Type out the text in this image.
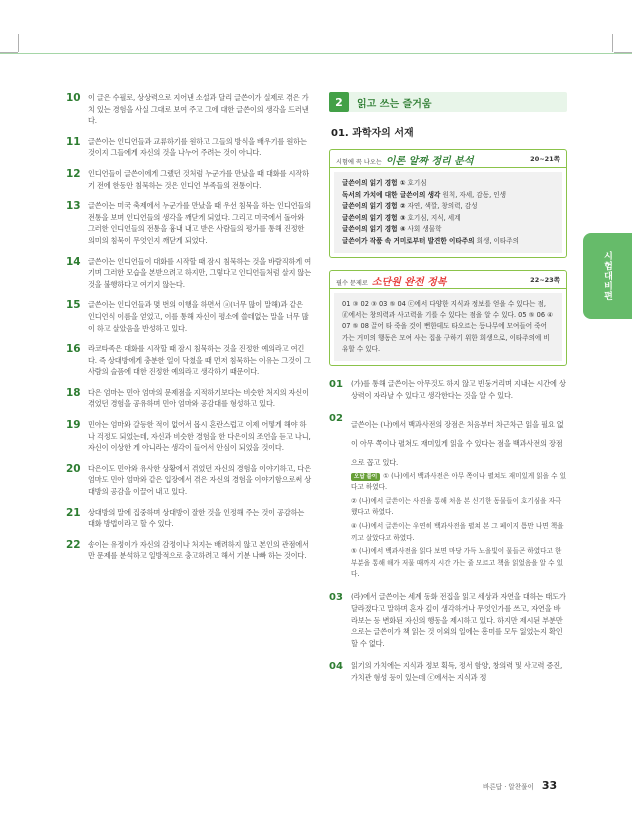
10	이 글은 수필로, 상상력으로 지어낸 소설과 달리 글쓴이가 실제로 겪은 가치 있는 경험을 사실 그대로 보여 주고 그에 대한 글쓴이의 생각을 드러낸다.
11	글쓴이는 인디언들과 교류하기를 원하고 그들의 방식을 배우기를 원하는 것이지 그들에게 자신의 것을 나누어 주려는 것이 아니다.
12	인디언들이 글쓴이에게 그랬던 것처럼 누군가를 만났을 때 대화를 시작하기 전에 한동안 침묵하는 것은 인디언 부족들의 전통이다.
13	글쓴이는 미국 축제에서 누군가를 만났을 때 우선 침묵을 하는 인디언들의 전통을 보며 인디언들의 생각을 깨닫게 되었다. 그리고 미국에서 돌아와 그러한 인디언들의 전통을 흉내 내고 받은 사람들의 평가를 통해 진정한 의미의 침묵이 무엇인지 깨닫게 되었다.
14	글쓴이는 인디언들이 대화를 시작할 때 잠시 침묵하는 것을 바람직하게 여기며 그러한 모습을 본받으려고 하지만, 그렇다고 인디언들처럼 살지 않는 것을 불행하다고 여기지 않는다.
15	글쓴이는 인디언들과 몇 번의 이행을 하면서 ⓐ(너무 많이 말해)과 같은 인디언식 이름을 얻었고, 이를 통해 자신이 평소에 쓸데없는 말을 너무 많이 하고 살았음을 반성하고 있다.
16	라코타족은 대화를 시작할 때 잠시 침묵하는 것을 진정한 예의라고 여긴다. 즉 상대방에게 충분한 일이 닥쳤을 때 먼저 침묵하는 이유는 그것이 그 사람의 슬픔에 대한 진정한 예의라고 생각하기 때문이다.
18	다은 엄마는 민아 엄마의 문제점을 지적하기보다는 비슷한 처지의 자신이 겪었던 경험을 공유하며 민아 엄마와 공감대를 형성하고 있다.
19	민아는 엄마와 갈등한 적이 없어서 몹시 혼란스럽고 이제 어떻게 해야 하나 걱정도 되었는데, 자신과 비슷한 경험을 한 다은이의 조언을 듣고 나니, 자신이 이상한 게 아니라는 생각이 들어서 안심이 되었을 것이다.
20	다은이도 민아와 유사한 상황에서 겪었던 자신의 경험을 이야기하고, 다은 엄마도 민아 엄마와 같은 입장에서 겪은 자신의 경험을 이야기함으로써 상대방의 공감을 이끌어 내고 있다.
21	상대방의 말에 집중하며 상대방이 잘한 것을 인정해 주는 것이 공감하는 대화 방법이라고 할 수 있다.
22	송이는 유정이가 자신의 감정이나 처지는 배려하지 않고 본인의 관점에서만 문제를 분석하고 일방적으로 충고하려고 해서 기분 나빠 하는 것이다.
2	읽고 쓰는 즐거움
01. 과학자의 서재
시험에 꼭 나오는 이론 알짜 정리 분석	20~21쪽
글쓴이의 읽기 경험 ① 호기심
독서의 가치에 대한 글쓴이의 생각 원칙, 자세, 감동, 인생
글쓴이의 읽기 경험 ② 자연, 색깔, 창의력, 감성
글쓴이의 읽기 경험 ③ 호기심, 지식, 세계
글쓴이의 읽기 경험 ④ 사회 생물학
글쓴이가 작품 속 거미로부터 발견한 이타주의 희생, 이타주의
필수 문제로 소단원 완전 정복	22~23쪽
01 ③ 02 ③ 03 ⑤ 04 ⓒ에서 다양한 지식과 정보를 얻을 수 있다는 점, ⓓ에서는 창의력과 사고력을 기를 수 있다는 점을 알 수 있다. 05 ⑤ 06 ④ 07 ⑤ 08 끌어 타 죽을 것이 뻔한데도 타오르는 등나무에 모여들어 죽어 가는 거미의 행동은 모여 사는 집을 구하기 위한 희생으로, 이타주의에 비유할 수 있다.
01	(가)를 통해 글쓴이는 아무것도 하지 않고 빈둥거리며 지내는 시간에 상상력이 자라날 수 있다고 생각한다는 것을 알 수 있다.
02
글쓴이는 (나)에서 백과사전의 장점은 처음부터 차근차근 읽을 필요 없이 아무 쪽이나 펼쳐도 재미있게 읽을 수 있다는 점을 백과사전의 장점으로 꼽고 있다.
오답 풀이 ① (나)에서 백과사전은 아무 쪽이나 펼쳐도 재미있게 읽을 수 있다고 하였다.
② (나)에서 글쓴이는 사진을 통해 처음 본 신기한 동물들이 호기심을 자극했다고 하였다.
④ (나)에서 글쓴이는 우연히 백과사전을 펼쳐 본 그 페이지 틈만 나면 책을 끼고 살았다고 하였다.
⑤ (나)에서 백과사전을 읽다 보면 마당 가득 노을빛이 물들곤 하였다고 한 부분을 통해 해가 저물 때까지 시간 가는 줄 모르고 책을 읽었음을 알 수 있다.
03	(라)에서 글쓴이는 세계 동화 전집을 읽고 세상과 자연을 대하는 태도가 달라졌다고 말하며 혼자 깊이 생각하거나 무엇인가를 쓰고, 자연을 바라보는 등 변화된 자신의 행동을 제시하고 있다. 하지만 제시된 부분만으로는 글쓴이가 책 읽는 것 이외의 일에는 흥미를 모두 잃었는지 확인할 수 없다.
04	읽기의 가치에는 지식과 정보 획득, 정서 함양, 창의력 및 사고력 증진, 가치관 형성 등이 있는데 ⓒ에서는 지식과 정
시험대비편
바른답 · 알찬풀이 33
